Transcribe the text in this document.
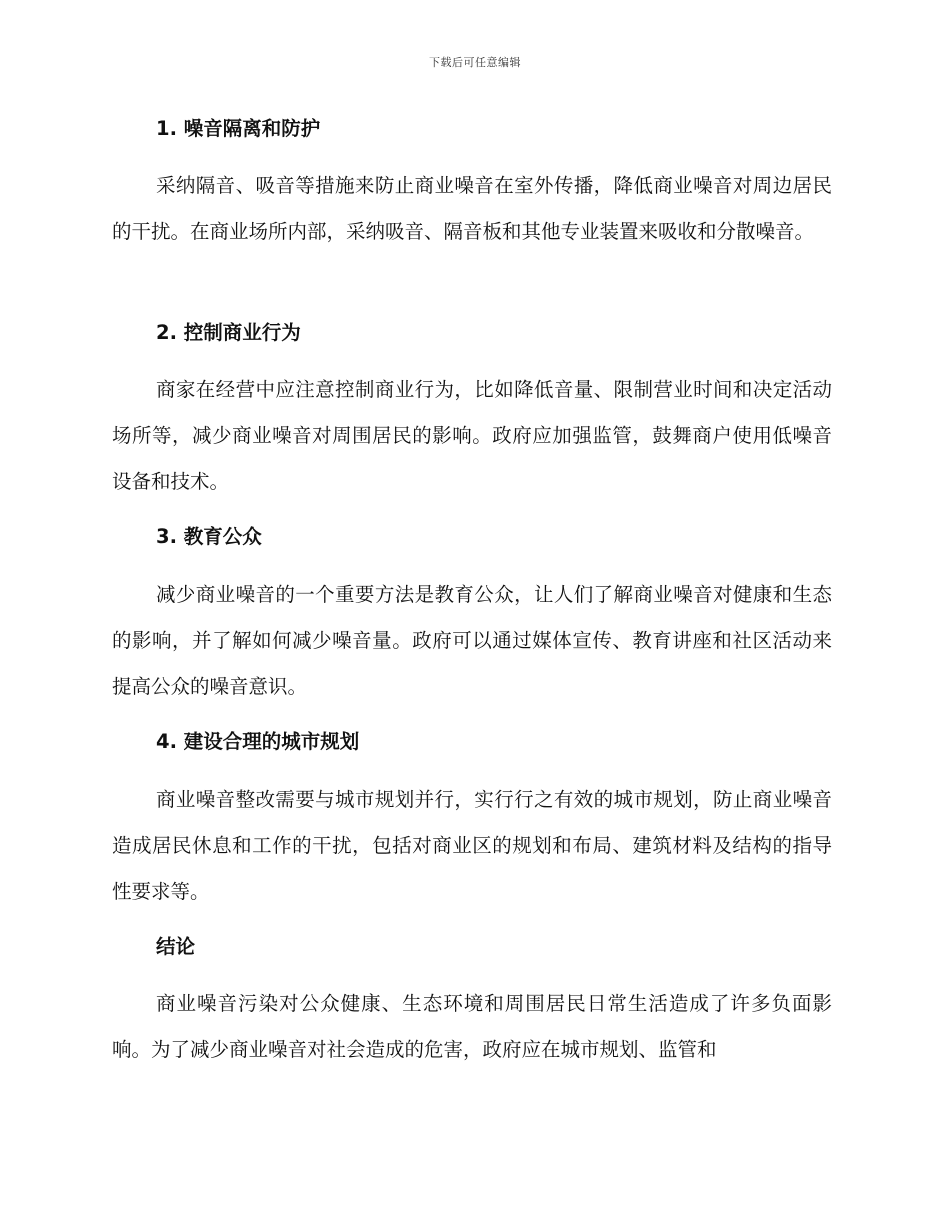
下载后可任意编辑
1. 噪音隔离和防护
采纳隔音、吸音等措施来防止商业噪音在室外传播，降低商业噪音对周边居民的干扰。在商业场所内部，采纳吸音、隔音板和其他专业装置来吸收和分散噪音。
2. 控制商业行为
商家在经营中应注意控制商业行为，比如降低音量、限制营业时间和决定活动场所等，减少商业噪音对周围居民的影响。政府应加强监管，鼓舞商户使用低噪音设备和技术。
3. 教育公众
减少商业噪音的一个重要方法是教育公众，让人们了解商业噪音对健康和生态的影响，并了解如何减少噪音量。政府可以通过媒体宣传、教育讲座和社区活动来提高公众的噪音意识。
4. 建设合理的城市规划
商业噪音整改需要与城市规划并行，实行行之有效的城市规划，防止商业噪音造成居民休息和工作的干扰，包括对商业区的规划和布局、建筑材料及结构的指导性要求等。
结论
商业噪音污染对公众健康、生态环境和周围居民日常生活造成了许多负面影响。为了减少商业噪音对社会造成的危害，政府应在城市规划、监管和
